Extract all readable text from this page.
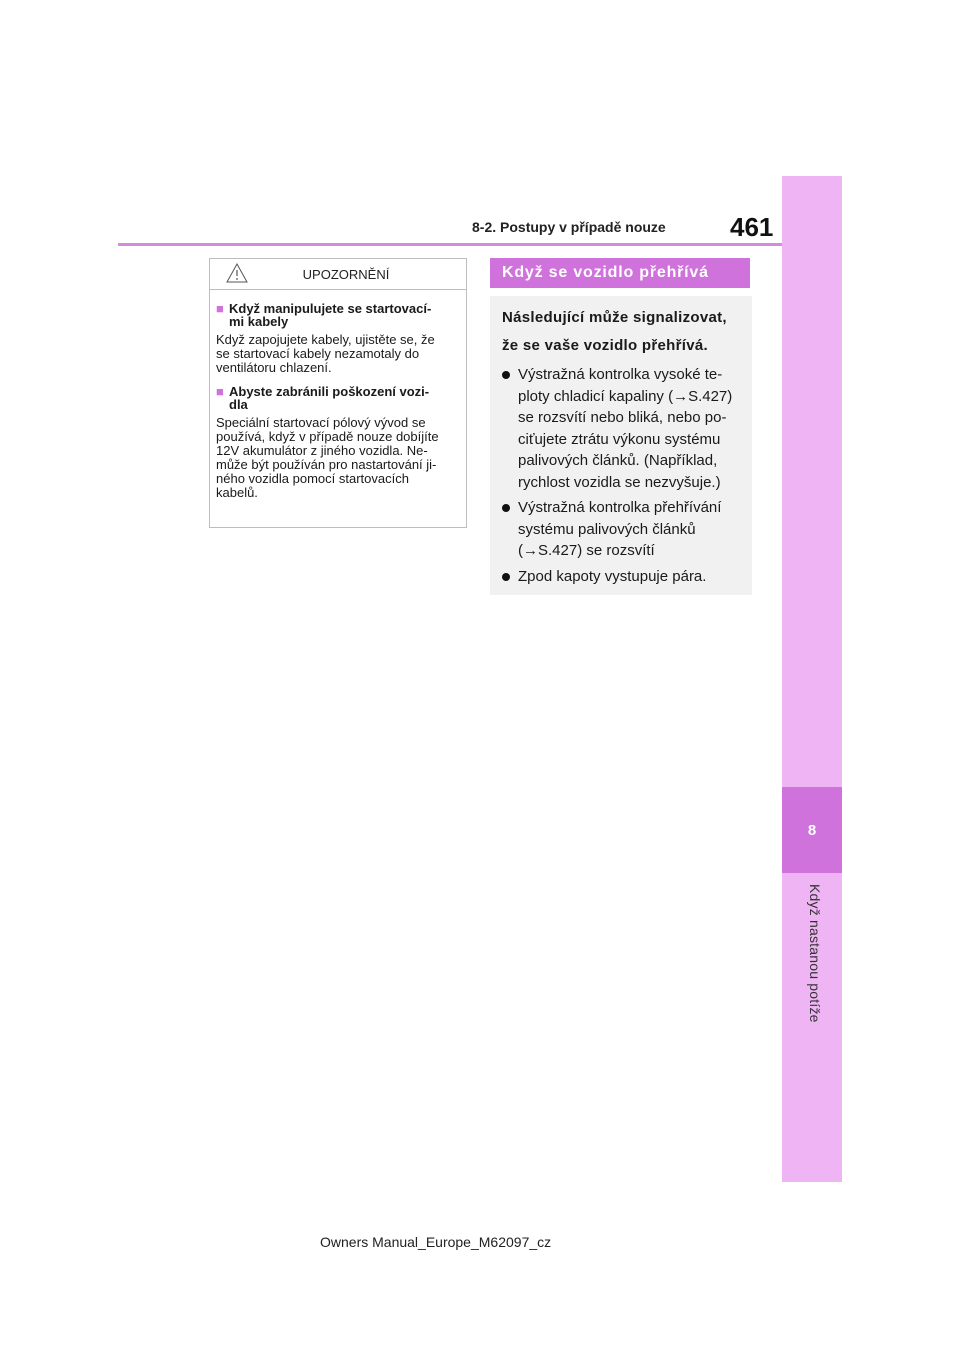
8
Když nastanou potíže
8-2. Postupy v případě nouze 461
UPOZORNĚNÍ
■ Když manipulujete se startovací-
mi kabely
Když zapojujete kabely, ujistěte se, že
se startovací kabely nezamotaly do
ventilátoru chlazení.
■ Abyste zabránili poškození vozi-
dla
Speciální startovací pólový vývod se
používá, když v případě nouze dobíjíte
12V akumulátor z jiného vozidla. Ne-
může být používán pro nastartování ji-
ného vozidla pomocí startovacích
kabelů.
Když se vozidlo přehřívá
Následující může signalizovat,
že se vaše vozidlo přehřívá.
Výstražná kontrolka vysoké te-
ploty chladicí kapaliny (→S.427)
se rozsvítí nebo bliká, nebo po-
ciťujete ztrátu výkonu systému
palivových článků. (Například,
rychlost vozidla se nezvyšuje.)
Výstražná kontrolka přehřívání
systému palivových článků
(→S.427) se rozsvítí
Zpod kapoty vystupuje pára.
Owners Manual_Europe_M62097_cz
